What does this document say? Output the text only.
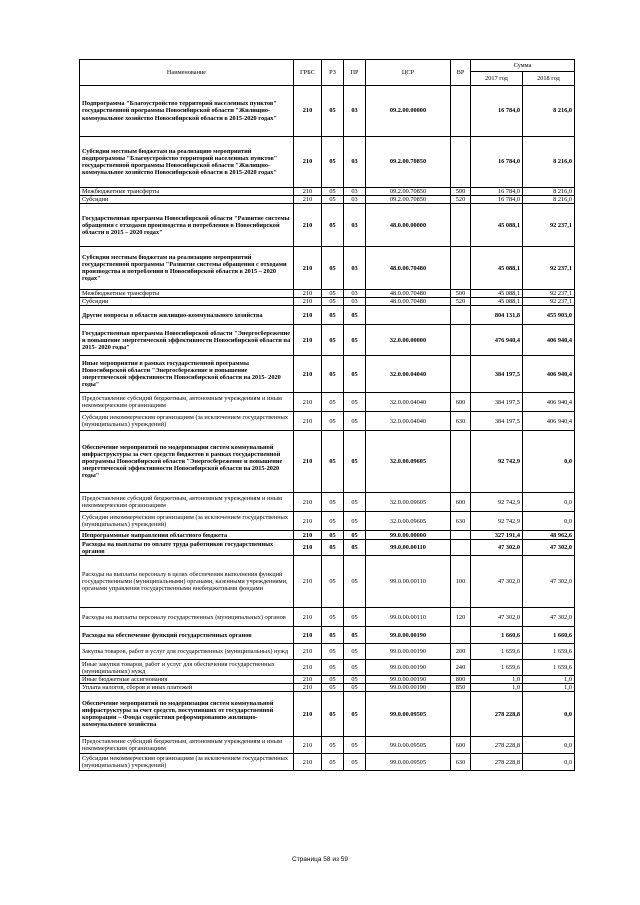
Наименование	ГРБС	РЗ	ПР	ЦСР	ВР	Сумма	
						2017 год	2018 год
Подпрограмма "Благоустройство территорий населенных пунктов" государственной программы Новосибирской области "Жилищно-коммунальное хозяйство Новосибирской области в 2015-2020 годах"	210	05	03	09.2.00.00000		16 784,0	8 216,0
Субсидии местным бюджетам на реализацию мероприятий подпрограммы "Благоустройство территорий населенных пунктов" государственной программы Новосибирской области "Жилищно-коммунальное хозяйство Новосибирской области в 2015-2020 годах"	210	05	03	09.2.00.70850		16 784,0	8 216,0
Межбюджетные трансферты	210	05	03	09.2.00.70850	500	16 784,0	8 216,0
Субсидии	210	05	03	09.2.00.70850	520	16 784,0	8 216,0
Государственная программа Новосибирской области "Развитие системы обращения с отходами производства и потребления в Новосибирской области в 2015 – 2020 годах"	210	05	03	48.0.00.00000		45 088,1	92 237,1
Субсидии местным бюджетам на реализацию мероприятий государственной программы "Развитие системы обращения с отходами производства и потребления в Новосибирской области в 2015 – 2020 годах"	210	05	03	48.0.00.70480		45 088,1	92 237,1
Межбюджетные трансферты	210	05	03	48.0.00.70480	500	45 088,1	92 237,1
Субсидии	210	05	03	48.0.00.70480	520	45 088,1	92 237,1
Другие вопросы в области жилищно-коммунального хозяйства	210	05	05			804 131,8	455 903,0
Государственная программа Новосибирской области "Энергосбережение и повышение энергетической эффективности Новосибирской области на 2015- 2020 годы"	210	05	05	32.0.00.00000		476 940,4	406 940,4
Иные мероприятия в рамках государственной программы Новосибирской области "Энергосбережение и повышение энергетической эффективности Новосибирской области на 2015- 2020 годы"	210	05	05	32.0.00.04040		384 197,5	406 940,4
Предоставление субсидий бюджетным, автономным учреждениям и иным некоммерческим организациям	210	05	05	32.0.00.04040	600	384 197,5	406 940,4
Субсидии некоммерческим организациям (за исключением государственных (муниципальных) учреждений)	210	05	05	32.0.00.04040	630	384 197,5	406 940,4
Обеспечение мероприятий по модернизации систем коммунальной инфраструктуры за счет средств бюджетов в рамках государственной программы Новосибирской области "Энергосбережение и повышение энергетической эффективности Новосибирской области на 2015-2020 годы"	210	05	05	32.0.00.09605		92 742,9	0,0
Предоставление субсидий бюджетным, автономным учреждениям и иным некоммерческим организациям	210	05	05	32.0.00.09605	600	92 742,9	0,0
Субсидии некоммерческим организациям (за исключением государственных (муниципальных) учреждений)	210	05	05	32.0.00.09605	630	92 742,9	0,0
Непрограммные направления областного бюджета	210	05	05	99.0.00.00000		327 191,4	48 962,6
Расходы на выплаты по оплате труда работников государственных органов	210	05	05	99.0.00.00110		47 302,0	47 302,0
Расходы на выплаты персоналу в целях обеспечения выполнения функций государственными (муниципальными) органами, казенными учреждениями, органами управления государственными внебюджетными фондами	210	05	05	99.0.00.00110	100	47 302,0	47 302,0
Расходы на выплаты персоналу государственных (муниципальных) органов	210	05	05	99.0.00.00110	120	47 302,0	47 302,0
Расходы на обеспечение функций государственных органов	210	05	05	99.0.00.00190		1 660,6	1 660,6
Закупка товаров, работ и услуг для государственных (муниципальных) нужд	210	05	05	99.0.00.00190	200	1 659,6	1 659,6
Иные закупки товаров, работ и услуг для обеспечения государственных (муниципальных) нужд	210	05	05	99.0.00.00190	240	1 659,6	1 659,6
Иные бюджетные ассигнования	210	05	05	99.0.00.00190	800	1,0	1,0
Уплата налогов, сборов и иных платежей	210	05	05	99.0.00.00190	850	1,0	1,0
Обеспечение мероприятий по модернизации систем коммунальной инфраструктуры за счет средств, поступивших от государственной корпорации – Фонда содействия реформированию жилищно-коммунального хозяйства	210	05	05	99.0.00.09505		278 228,8	0,0
Предоставление субсидий бюджетным, автономным учреждениям и иным некоммерческим организациям	210	05	05	99.0.00.09505	600	278 228,8	0,0
Субсидии некоммерческим организациям (за исключением государственных (муниципальных) учреждений)	210	05	05	99.0.00.09505	630	278 228,8	0,0
Страница 58 из 59
